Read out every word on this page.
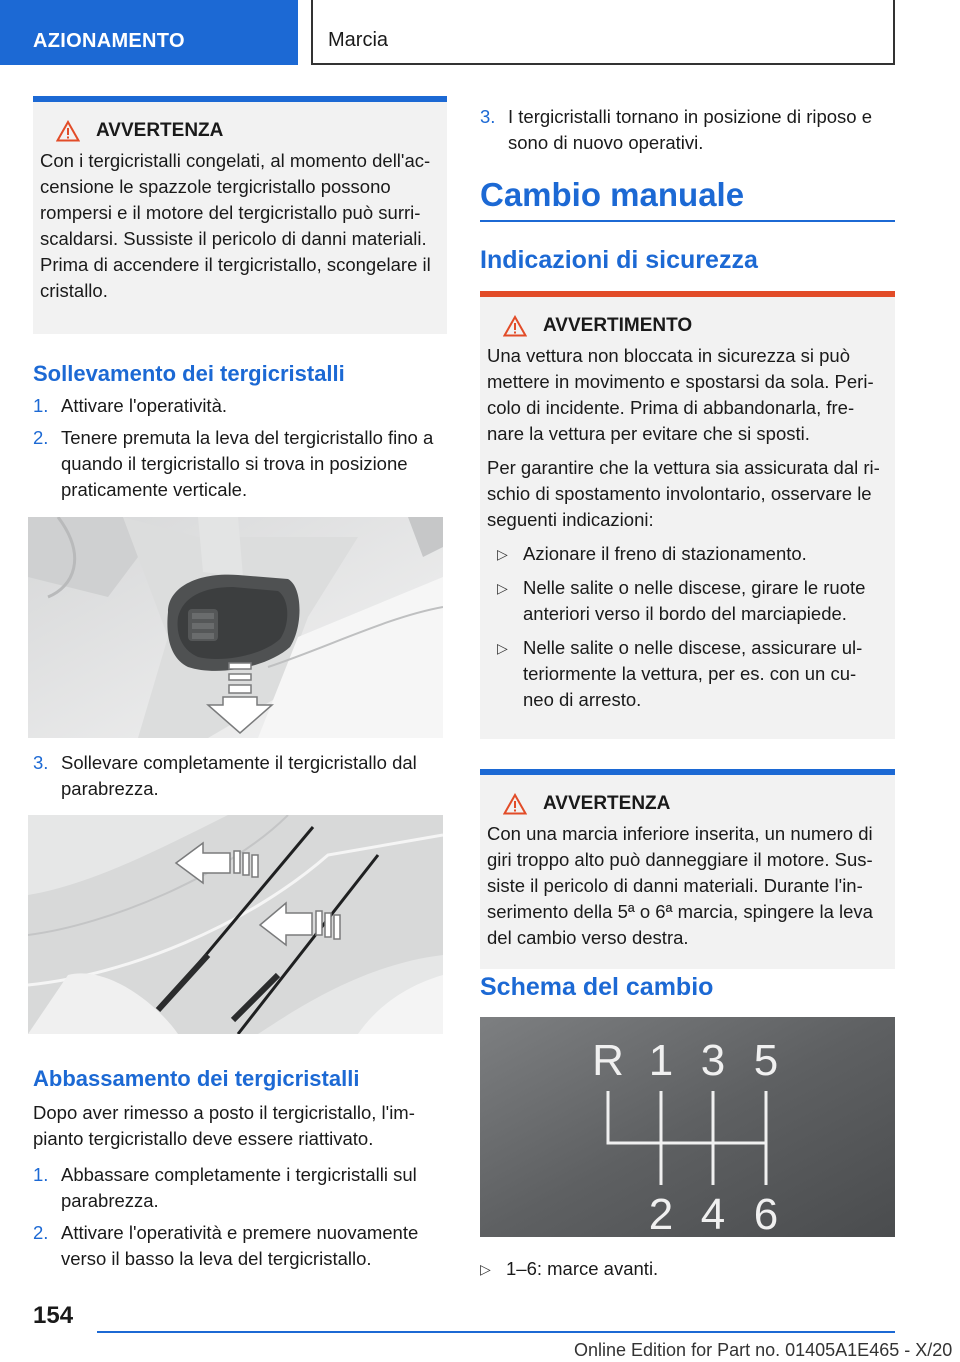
AZIONAMENTO	Marcia
AVVERTENZA

Con i tergicristalli congelati, al momento dell'ac-censione le spazzole tergicristallo possono rompersi e il motore del tergicristallo può surri-scaldarsi. Sussiste il pericolo di danni materiali. Prima di accendere il tergicristallo, scongelare il cristallo.

Sollevamento dei tergicristalli
1. Attivare l'operatività.
2. Tenere premuta la leva del tergicristallo fino a quando il tergicristallo si trova in posizione praticamente verticale.
3. Sollevare completamente il tergicristallo dal parabrezza.
Abbassamento dei tergicristalli

Dopo aver rimesso a posto il tergicristallo, l'im-pianto tergicristallo deve essere riattivato.

1. Abbassare completamente i tergicristalli sul parabrezza.
2. Attivare l'operatività e premere nuovamente verso il basso la leva del tergicristallo.
3. I tergicristalli tornano in posizione di riposo e sono di nuovo operativi.
Cambio manuale
Indicazioni di sicurezza
AVVERTIMENTO

Una vettura non bloccata in sicurezza si può mettere in movimento e spostarsi da sola. Peri-colo di incidente. Prima di abbandonarla, fre-nare la vettura per evitare che si sposti.

Per garantire che la vettura sia assicurata dal ri-schio di spostamento involontario, osservare le seguenti indicazioni:

▷ Azionare il freno di stazionamento.
▷ Nelle salite o nelle discese, girare le ruote anteriori verso il bordo del marciapiede.
▷ Nelle salite o nelle discese, assicurare ul-teriormente la vettura, per es. con un cu-neo di arresto.
AVVERTENZA

Con una marcia inferiore inserita, un numero di giri troppo alto può danneggiare il motore. Sus-siste il pericolo di danni materiali. Durante l'in-serimento della 5ª o 6ª marcia, spingere la leva del cambio verso destra.

Schema del cambio
R 1 3 5
2 4 6
▷ 1–6: marce avanti.
154
Online Edition for Part no. 01405A1E465 - X/20
